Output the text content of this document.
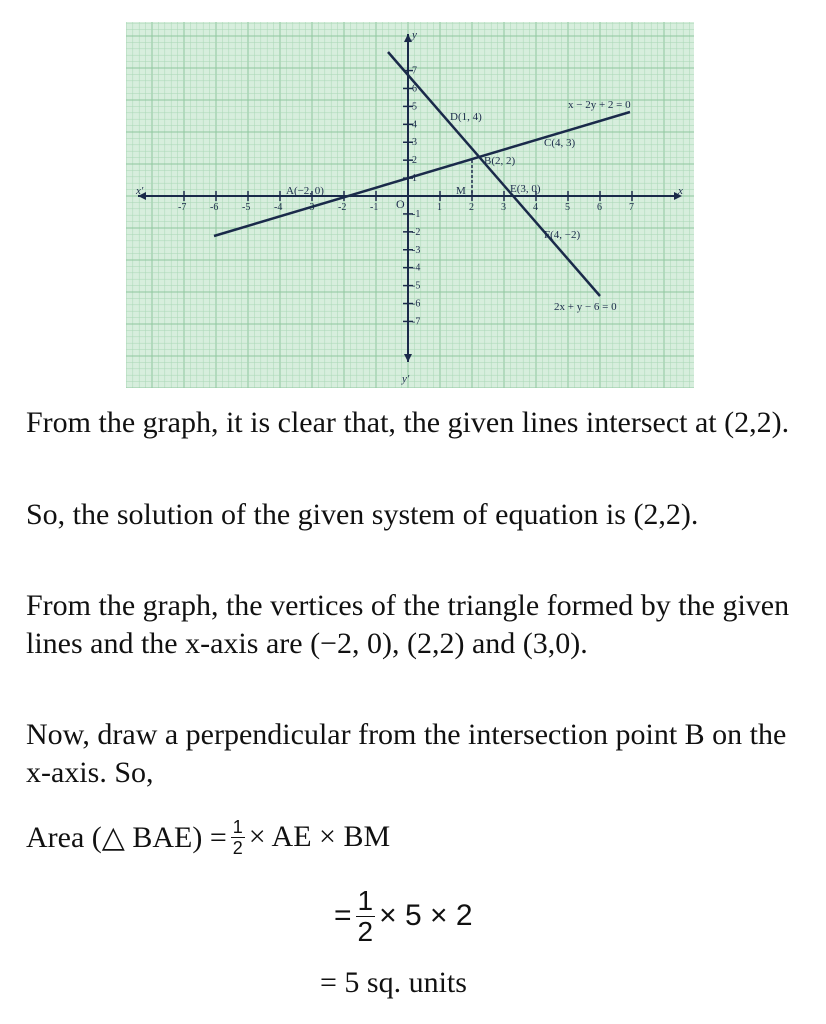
y
y'
x
x'
O
D(1, 4)
C(4, 3)
B(2, 2)
A(−2, 0)	M	E(3, 0)
F(4, −2)
x − 2y + 2 = 0
2x + y − 6 = 0
-7 -6 -5 -4 -3 -2 -1	1	2	3	4	5	6	7
1
2
3
4
5
6
7
-1
-2
-3
-4
-5
-6
-7

From the graph, it is clear that, the given lines intersect at (2,2).

So, the solution of the given system of equation is (2,2).

From the graph, the vertices of the triangle formed by the given lines and the x-axis are (−2, 0), (2,2) and (3,0).

Now, draw a perpendicular from the intersection point B on the x-axis. So,

Area (△ $BAE) = \frac{1}{2}$ × AE × BM
= $\frac{1}{2} \times 5 \times 2$
= 5 sq. units
